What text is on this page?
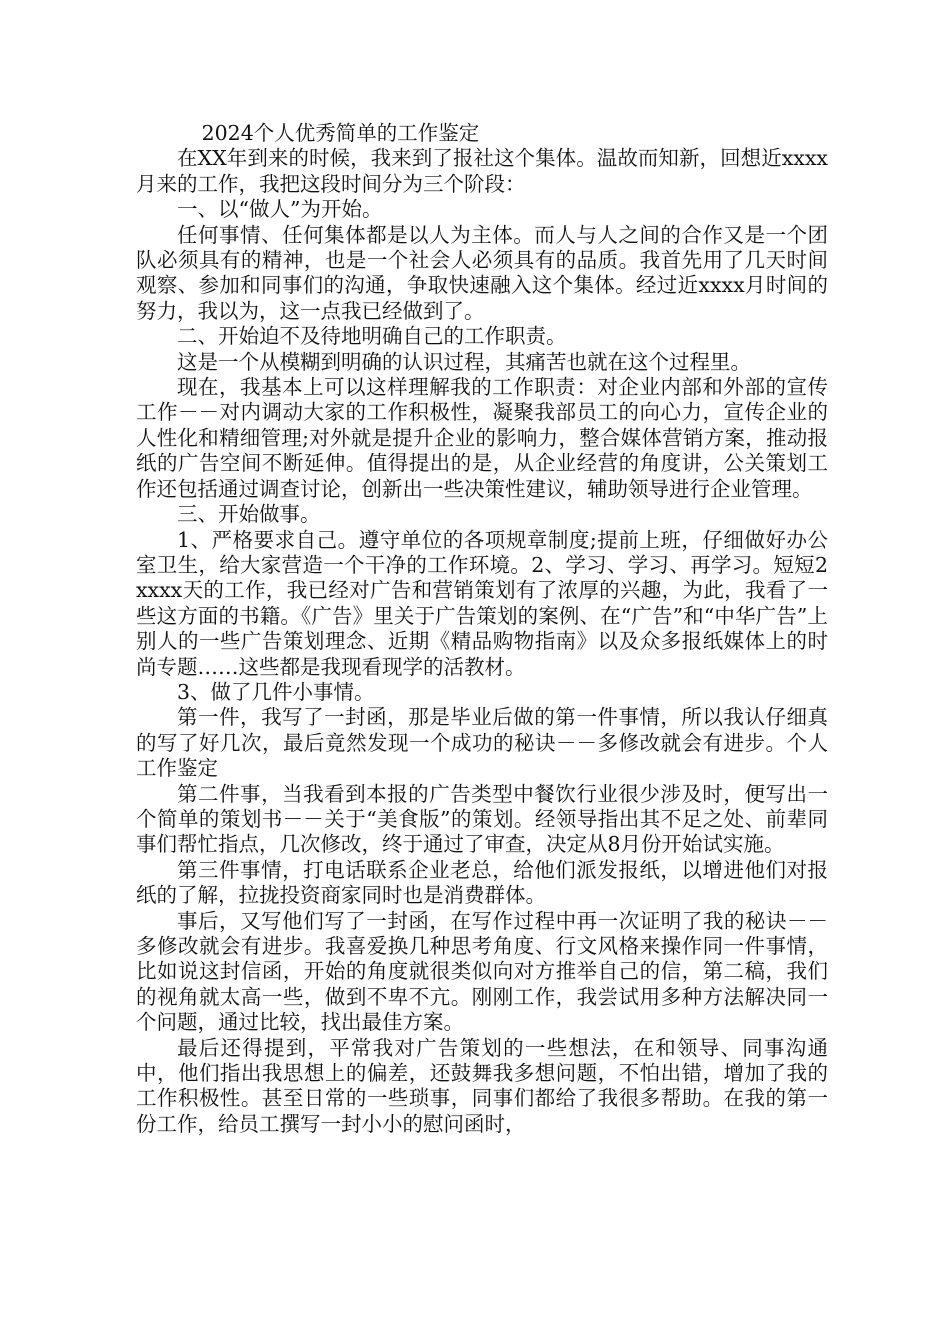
2024个人优秀简单的工作鉴定

在XX年到来的时候，我来到了报社这个集体。温故而知新，回想近xxxx月来的工作，我把这段时间分为三个阶段：

一、以“做人”为开始。

任何事情、任何集体都是以人为主体。而人与人之间的合作又是一个团队必须具有的精神，也是一个社会人必须具有的品质。我首先用了几天时间观察、参加和同事们的沟通，争取快速融入这个集体。经过近xxxx月时间的努力，我以为，这一点我已经做到了。

二、开始迫不及待地明确自己的工作职责。

这是一个从模糊到明确的认识过程，其痛苦也就在这个过程里。

现在，我基本上可以这样理解我的工作职责：对企业内部和外部的宣传工作－－对内调动大家的工作积极性，凝聚我部员工的向心力，宣传企业的人性化和精细管理;对外就是提升企业的影响力，整合媒体营销方案，推动报纸的广告空间不断延伸。值得提出的是，从企业经营的角度讲，公关策划工作还包括通过调查讨论，创新出一些决策性建议，辅助领导进行企业管理。

三、开始做事。

1、严格要求自己。遵守单位的各项规章制度;提前上班，仔细做好办公室卫生，给大家营造一个干净的工作环境。2、学习、学习、再学习。短短2xxxx天的工作，我已经对广告和营销策划有了浓厚的兴趣，为此，我看了一些这方面的书籍。《广告》里关于广告策划的案例、在“广告”和“中华广告”上别人的一些广告策划理念、近期《精品购物指南》以及众多报纸媒体上的时尚专题……这些都是我现看现学的活教材。

3、做了几件小事情。

第一件，我写了一封函，那是毕业后做的第一件事情，所以我认仔细真的写了好几次，最后竟然发现一个成功的秘诀－－多修改就会有进步。个人工作鉴定

第二件事，当我看到本报的广告类型中餐饮行业很少涉及时，便写出一个简单的策划书－－关于“美食版”的策划。经领导指出其不足之处、前辈同事们帮忙指点，几次修改，终于通过了审查，决定从8月份开始试实施。

第三件事情，打电话联系企业老总，给他们派发报纸，以增进他们对报纸的了解，拉拢投资商家同时也是消费群体。

事后，又写他们写了一封函，在写作过程中再一次证明了我的秘诀－－多修改就会有进步。我喜爱换几种思考角度、行文风格来操作同一件事情，比如说这封信函，开始的角度就很类似向对方推举自己的信，第二稿，我们的视角就太高一些，做到不卑不亢。刚刚工作，我尝试用多种方法解决同一个问题，通过比较，找出最佳方案。

最后还得提到，平常我对广告策划的一些想法，在和领导、同事沟通中，他们指出我思想上的偏差，还鼓舞我多想问题，不怕出错，增加了我的工作积极性。甚至日常的一些琐事，同事们都给了我很多帮助。在我的第一份工作，给员工撰写一封小小的慰问函时，
